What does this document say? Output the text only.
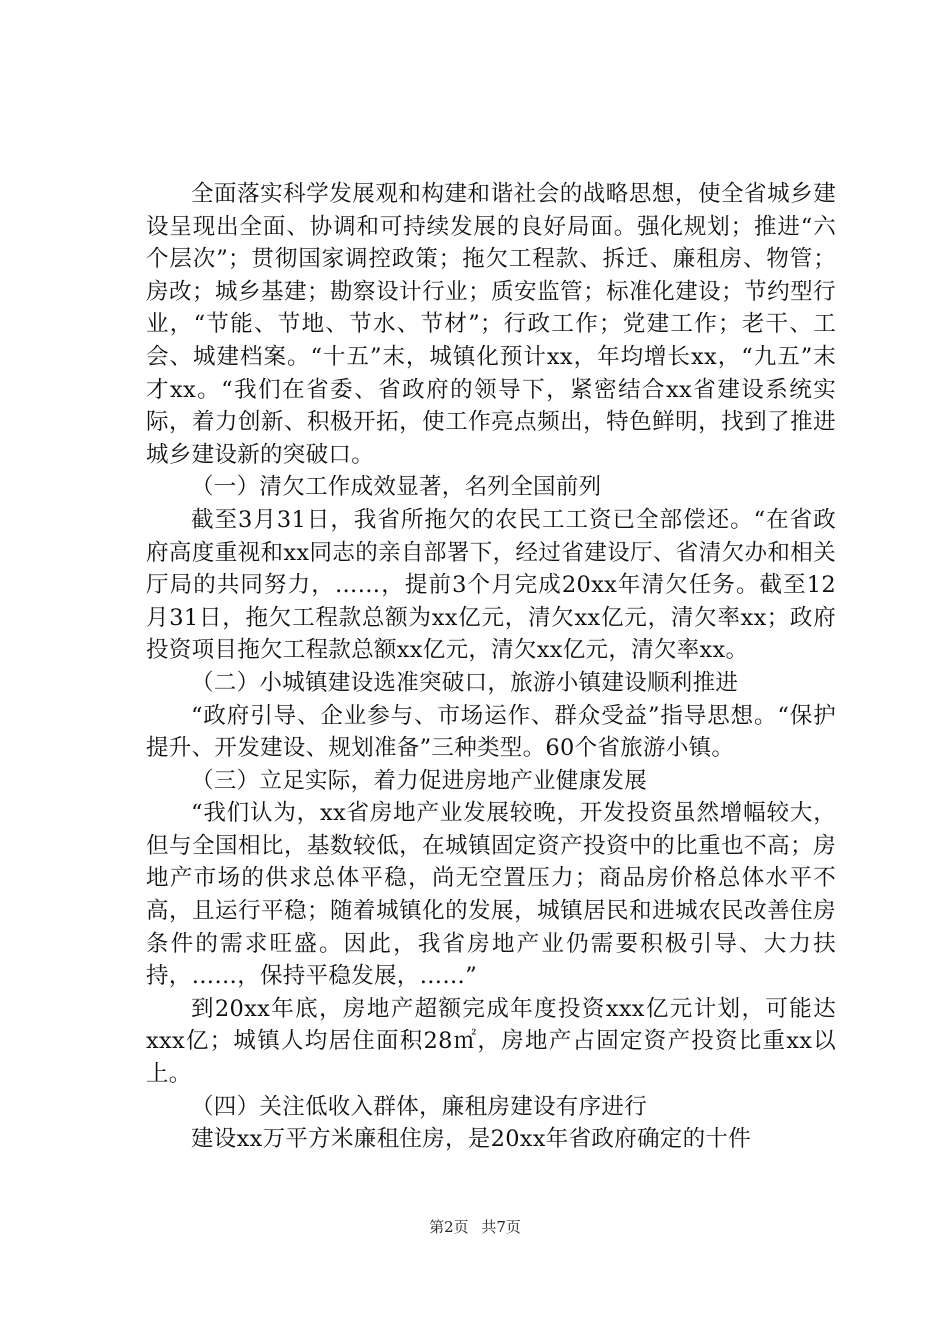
全面落实科学发展观和构建和谐社会的战略思想，使全省城乡建设呈现出全面、协调和可持续发展的良好局面。强化规划；推进“六个层次”；贯彻国家调控政策；拖欠工程款、拆迁、廉租房、物管；房改；城乡基建；勘察设计行业；质安监管；标准化建设；节约型行业，“节能、节地、节水、节材”；行政工作；党建工作；老干、工会、城建档案。“十五”末，城镇化预计xx，年均增长xx，“九五”末才xx。“我们在省委、省政府的领导下，紧密结合xx省建设系统实际，着力创新、积极开拓，使工作亮点频出，特色鲜明，找到了推进城乡建设新的突破口。

（一）清欠工作成效显著，名列全国前列

截至3月31日，我省所拖欠的农民工工资已全部偿还。“在省政府高度重视和xx同志的亲自部署下，经过省建设厅、省清欠办和相关厅局的共同努力，……，提前3个月完成20xx年清欠任务。截至12月31日，拖欠工程款总额为xx亿元，清欠xx亿元，清欠率xx；政府投资项目拖欠工程款总额xx亿元，清欠xx亿元，清欠率xx。

（二）小城镇建设选准突破口，旅游小镇建设顺利推进

“政府引导、企业参与、市场运作、群众受益”指导思想。“保护提升、开发建设、规划准备”三种类型。60个省旅游小镇。

（三）立足实际，着力促进房地产业健康发展

“我们认为，xx省房地产业发展较晚，开发投资虽然增幅较大，但与全国相比，基数较低，在城镇固定资产投资中的比重也不高；房地产市场的供求总体平稳，尚无空置压力；商品房价格总体水平不高，且运行平稳；随着城镇化的发展，城镇居民和进城农民改善住房条件的需求旺盛。因此，我省房地产业仍需要积极引导、大力扶持，……，保持平稳发展，……”

到20xx年底，房地产超额完成年度投资xxx亿元计划，可能达xxx亿；城镇人均居住面积28㎡，房地产占固定资产投资比重xx以上。

（四）关注低收入群体，廉租房建设有序进行

建设xx万平方米廉租住房，是20xx年省政府确定的十件

第2页 共7页
